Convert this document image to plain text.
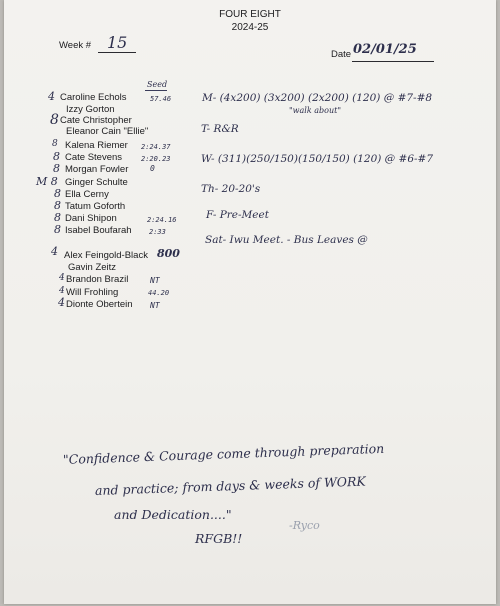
FOUR EIGHT
2024-25
Week # 15
Date 02/01/25
Seed
4 Caroline Echols	57.46
Izzy Gorton
8 Cate Christopher
Eleanor Cain "Ellie"
8 Kalena Riemer 2:24.37
8 Cate Stevens	2:20.23
8 Morgan Fowler	0
M 8 Ginger Schulte
8 Ella Cerny
8 Tatum Goforth
8 Dani Shipon	2:24.16
8 Isabel Boufarah 2:33
4 Alex Feingold-Black 800
Gavin Zeitz
4 Brandon Brazil	NT
4 Will Frohling	44.20
4 Dionte Obertein NT
M- (4x200) (3x200) (2x200) (120) @ #7-#8
"walk about"
T- R&R
W- (311)(250/150)(150/150) (120) @ #6-#7
Th- 20-20's
F- Pre-Meet
Sat- Iwu Meet. - Bus Leaves @
"Confidence & Courage come through preparation
and practice; from days & weeks of WORK
and Dedication...."
RFGB!!
-Ryco
